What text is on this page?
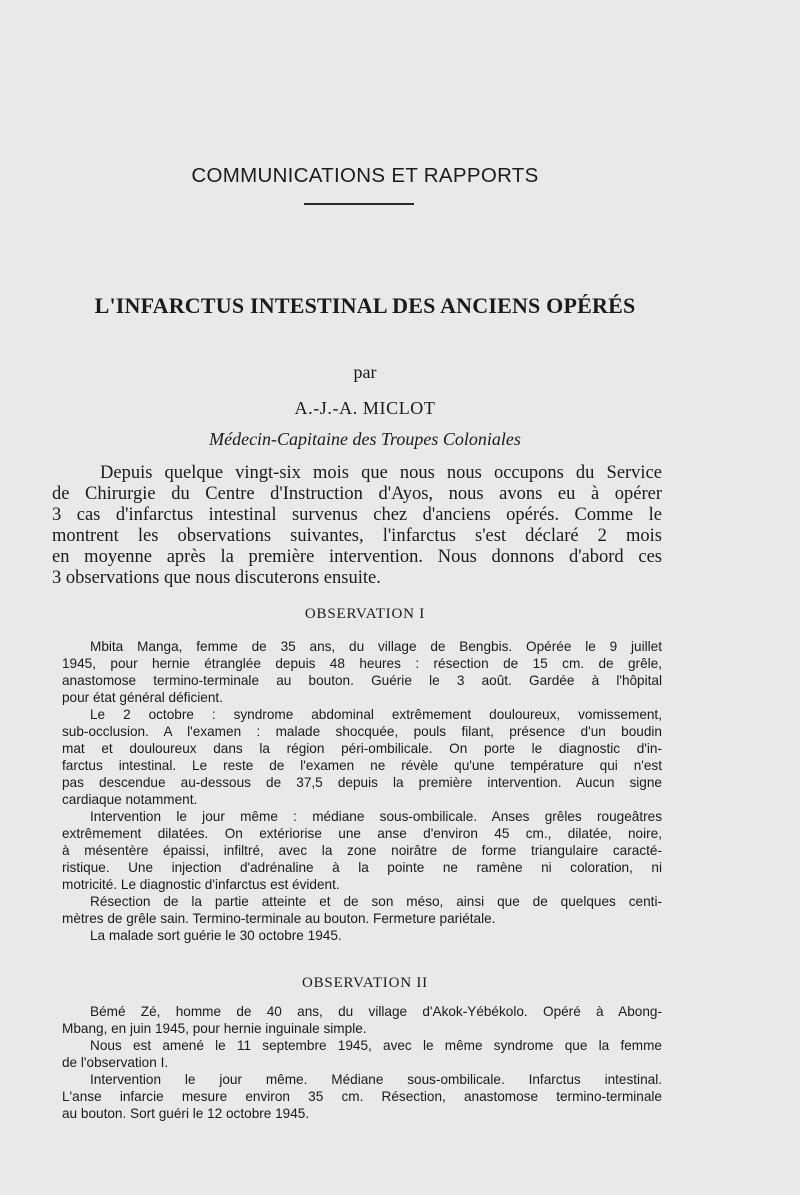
COMMUNICATIONS ET RAPPORTS
L'INFARCTUS INTESTINAL DES ANCIENS OPÉRÉS
par
A.-J.-A. MICLOT
Médecin-Capitaine des Troupes Coloniales

Depuis quelque vingt-six mois que nous nous occupons du Service
de Chirurgie du Centre d'Instruction d'Ayos, nous avons eu à opérer
3 cas d'infarctus intestinal survenus chez d'anciens opérés. Comme le
montrent les observations suivantes, l'infarctus s'est déclaré 2 mois
en moyenne après la première intervention. Nous donnons d'abord ces
3 observations que nous discuterons ensuite.

OBSERVATION I

Mbita Manga, femme de 35 ans, du village de Bengbis. Opérée le 9 juillet
1945, pour hernie étranglée depuis 48 heures : résection de 15 cm. de grêle,
anastomose termino-terminale au bouton. Guérie le 3 août. Gardée à l'hôpital
pour état général déficient.
Le 2 octobre : syndrome abdominal extrêmement douloureux, vomissement,
sub-occlusion. A l'examen : malade shocquée, pouls filant, présence d'un boudin
mat et douloureux dans la région péri-ombilicale. On porte le diagnostic d'in-
farctus intestinal. Le reste de l'examen ne révèle qu'une température qui n'est
pas descendue au-dessous de 37,5 depuis la première intervention. Aucun signe
cardiaque notamment.
Intervention le jour même : médiane sous-ombilicale. Anses grêles rougeâtres
extrêmement dilatées. On extériorise une anse d'environ 45 cm., dilatée, noire,
à mésentère épaissi, infiltré, avec la zone noirâtre de forme triangulaire caracté-
ristique. Une injection d'adrénaline à la pointe ne ramène ni coloration, ni
motricité. Le diagnostic d'infarctus est évident.
Résection de la partie atteinte et de son méso, ainsi que de quelques centi-
mètres de grêle sain. Termino-terminale au bouton. Fermeture pariétale.
La malade sort guérie le 30 octobre 1945.

OBSERVATION II

Bémé Zé, homme de 40 ans, du village d'Akok-Yébékolo. Opéré à Abong-
Mbang, en juin 1945, pour hernie inguinale simple.
Nous est amené le 11 septembre 1945, avec le même syndrome que la femme
de l'observation I.
Intervention le jour même. Médiane sous-ombilicale. Infarctus intestinal.
L'anse infarcie mesure environ 35 cm. Résection, anastomose termino-terminale
au bouton. Sort guéri le 12 octobre 1945.
